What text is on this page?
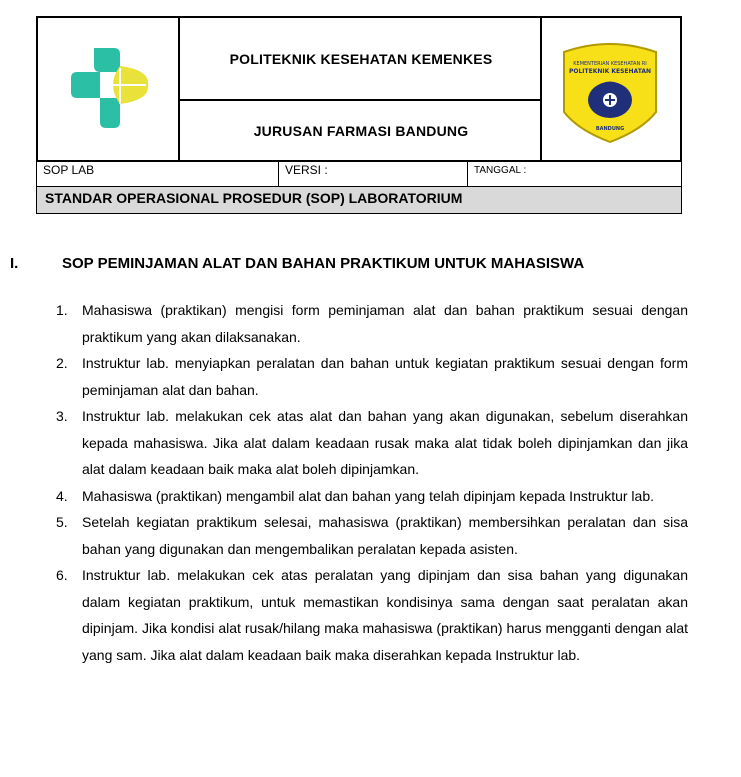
POLITEKNIK KESEHATAN KEMENKES
JURUSAN FARMASI BANDUNG
KEMENTERIAN KESEHATAN RI
POLITEKNIK KESEHATAN
BANDUNG
SOP LAB	VERSI :	TANGGAL :
STANDAR OPERASIONAL PROSEDUR (SOP) LABORATORIUM
I.	SOP PEMINJAMAN ALAT DAN BAHAN PRAKTIKUM UNTUK MAHASISWA
1. Mahasiswa (praktikan) mengisi form peminjaman alat dan bahan praktikum sesuai dengan praktikum yang akan dilaksanakan.
2. Instruktur lab. menyiapkan peralatan dan bahan untuk kegiatan praktikum sesuai dengan form peminjaman alat dan bahan.
3. Instruktur lab. melakukan cek atas alat dan bahan yang akan digunakan, sebelum diserahkan kepada mahasiswa. Jika alat dalam keadaan rusak maka alat tidak boleh dipinjamkan dan jika alat dalam keadaan baik maka alat boleh dipinjamkan.
4. Mahasiswa (praktikan) mengambil alat dan bahan yang telah dipinjam kepada Instruktur lab.
5. Setelah kegiatan praktikum selesai, mahasiswa (praktikan) membersihkan peralatan dan sisa bahan yang digunakan dan mengembalikan peralatan kepada asisten.
6. Instruktur lab. melakukan cek atas peralatan yang dipinjam dan sisa bahan yang digunakan dalam kegiatan praktikum, untuk memastikan kondisinya sama dengan saat peralatan akan dipinjam. Jika kondisi alat rusak/hilang maka mahasiswa (praktikan) harus mengganti dengan alat yang sam. Jika alat dalam keadaan baik maka diserahkan kepada Instruktur lab.
